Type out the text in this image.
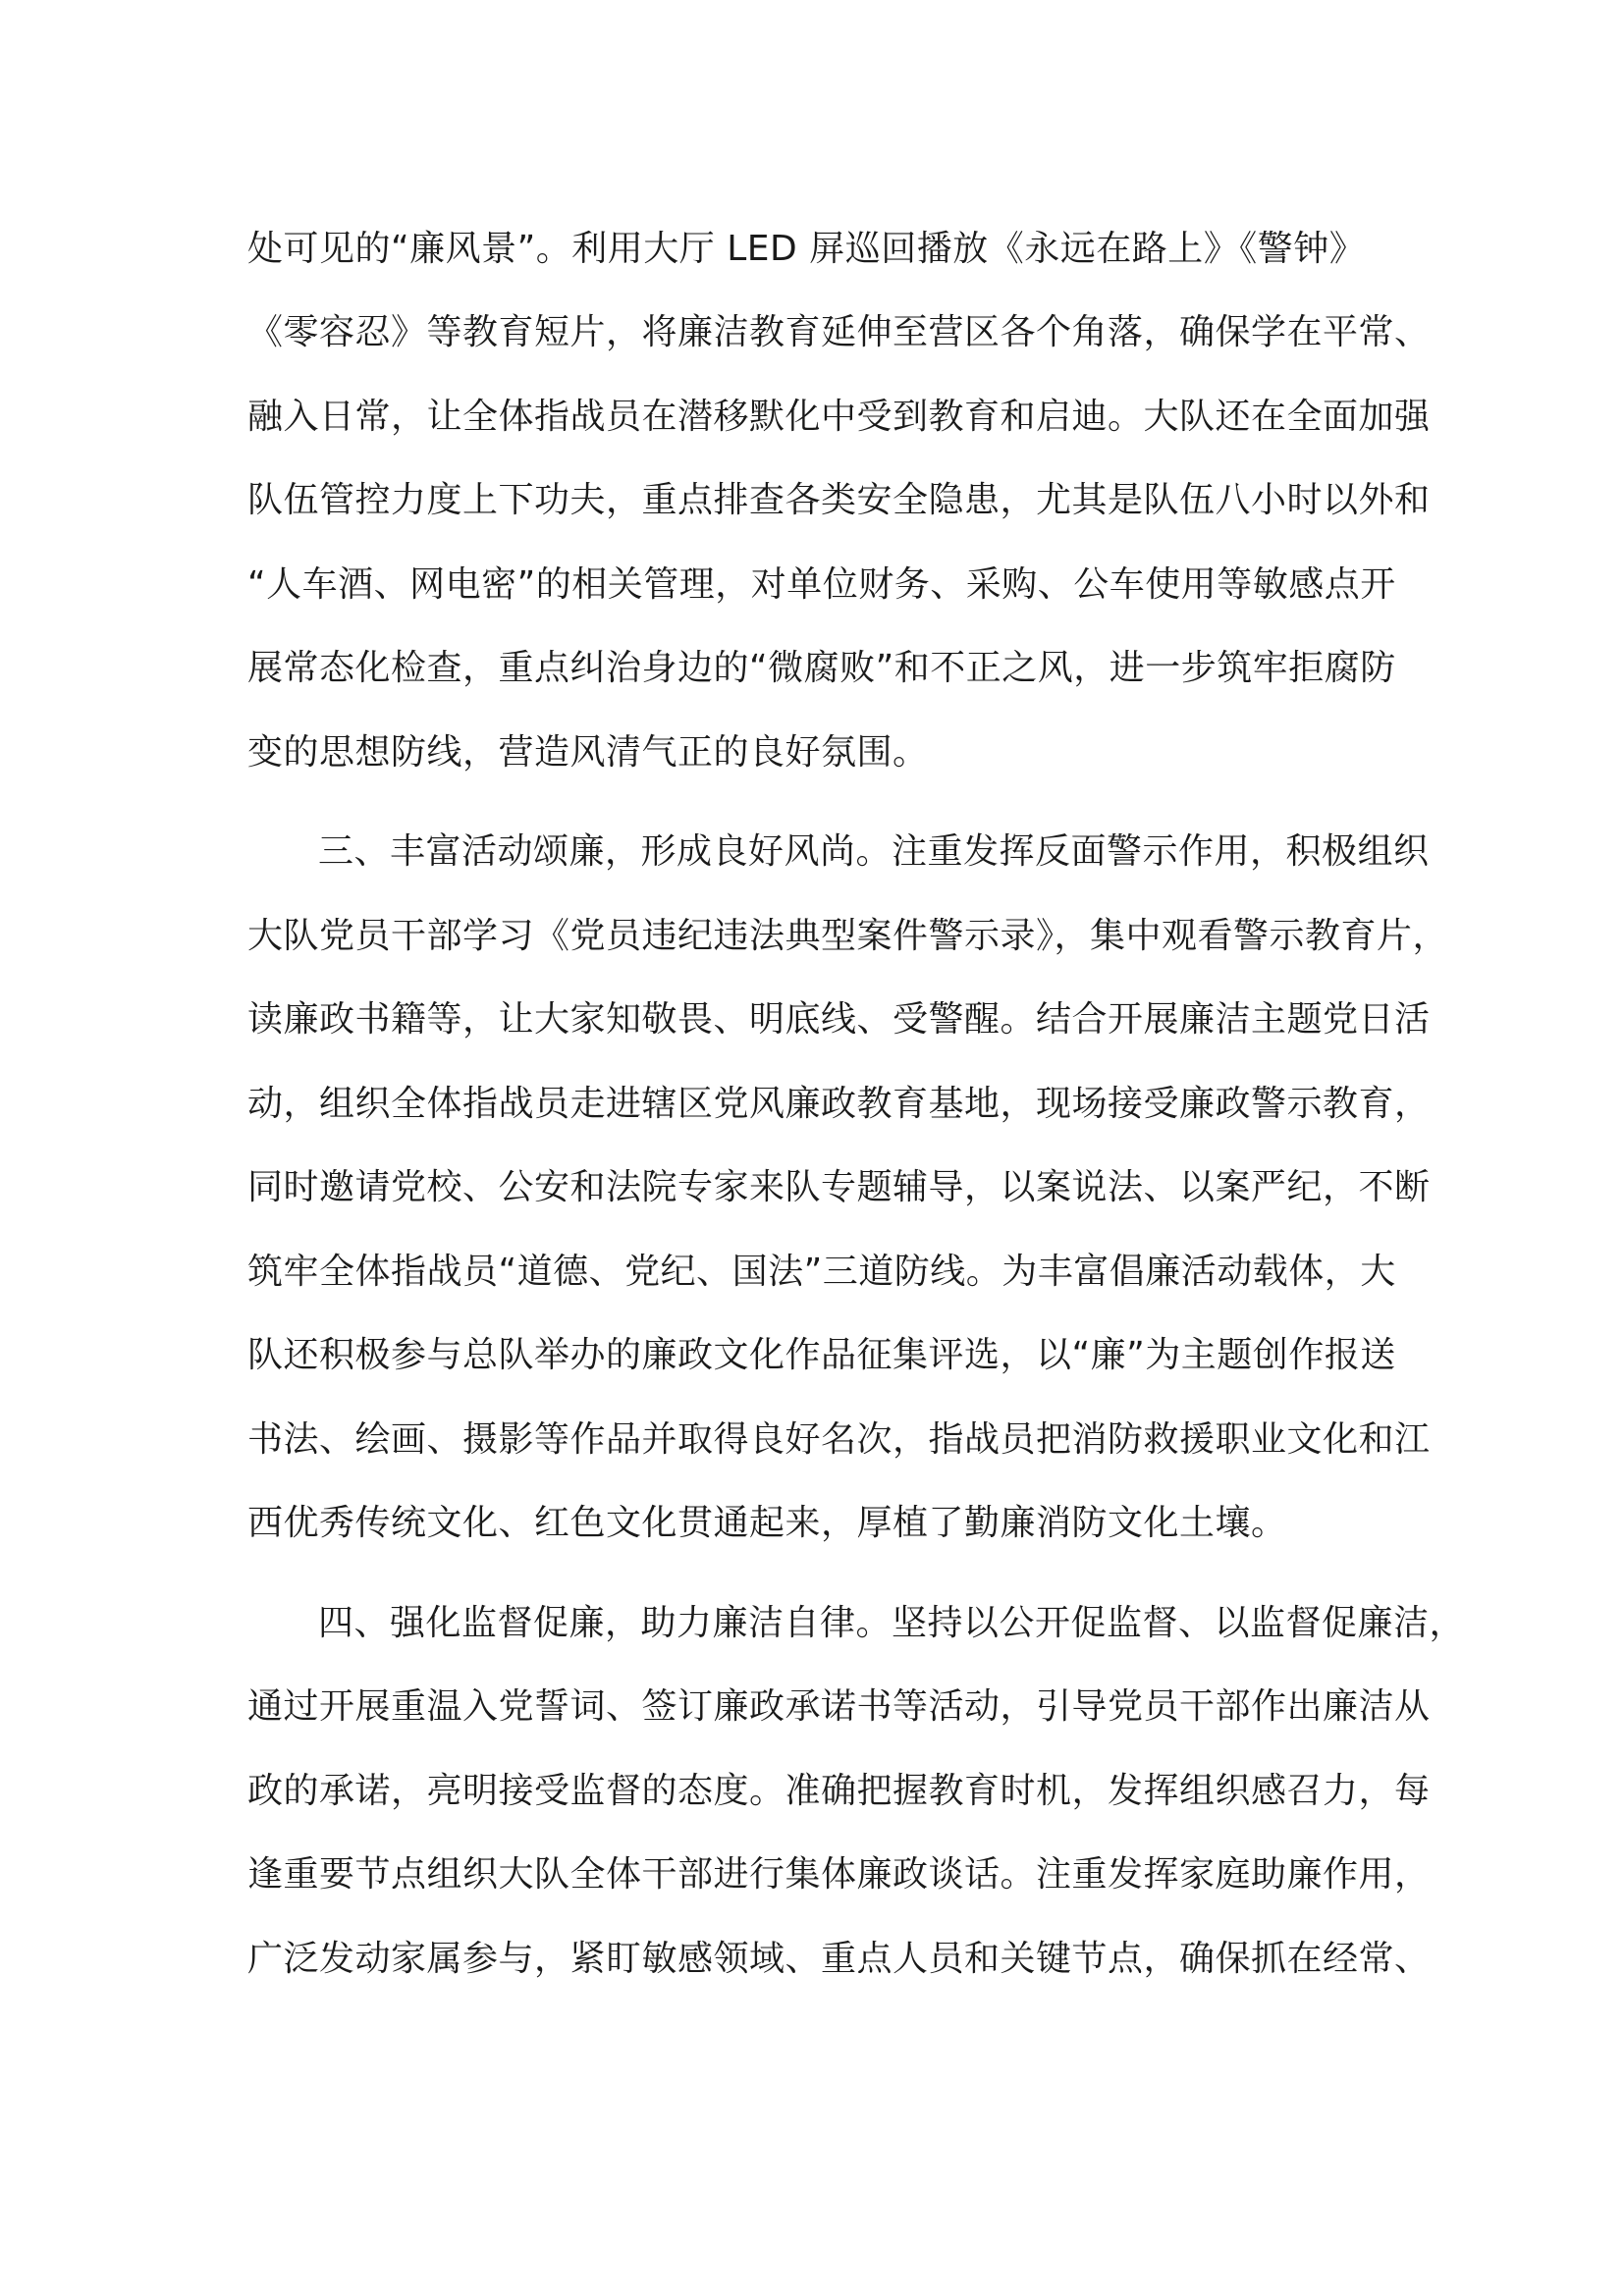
处可见的“廉风景”。利用大厅 LED 屏巡回播放《永远在路上》《警钟》
《零容忍》等教育短片，将廉洁教育延伸至营区各个角落，确保学在平常、
融入日常，让全体指战员在潜移默化中受到教育和启迪。大队还在全面加强
队伍管控力度上下功夫，重点排查各类安全隐患，尤其是队伍八小时以外和
“人车酒、网电密”的相关管理，对单位财务、采购、公车使用等敏感点开
展常态化检查，重点纠治身边的“微腐败”和不正之风，进一步筑牢拒腐防
变的思想防线，营造风清气正的良好氛围。
三、丰富活动颂廉，形成良好风尚。注重发挥反面警示作用，积极组织
大队党员干部学习《党员违纪违法典型案件警示录》，集中观看警示教育片，
读廉政书籍等，让大家知敬畏、明底线、受警醒。结合开展廉洁主题党日活
动，组织全体指战员走进辖区党风廉政教育基地，现场接受廉政警示教育，
同时邀请党校、公安和法院专家来队专题辅导，以案说法、以案严纪，不断
筑牢全体指战员“道德、党纪、国法”三道防线。为丰富倡廉活动载体，大
队还积极参与总队举办的廉政文化作品征集评选，以“廉”为主题创作报送
书法、绘画、摄影等作品并取得良好名次，指战员把消防救援职业文化和江
西优秀传统文化、红色文化贯通起来，厚植了勤廉消防文化土壤。
四、强化监督促廉，助力廉洁自律。坚持以公开促监督、以监督促廉洁，
通过开展重温入党誓词、签订廉政承诺书等活动，引导党员干部作出廉洁从
政的承诺，亮明接受监督的态度。准确把握教育时机，发挥组织感召力，每
逢重要节点组织大队全体干部进行集体廉政谈话。注重发挥家庭助廉作用，
广泛发动家属参与，紧盯敏感领域、重点人员和关键节点，确保抓在经常、
